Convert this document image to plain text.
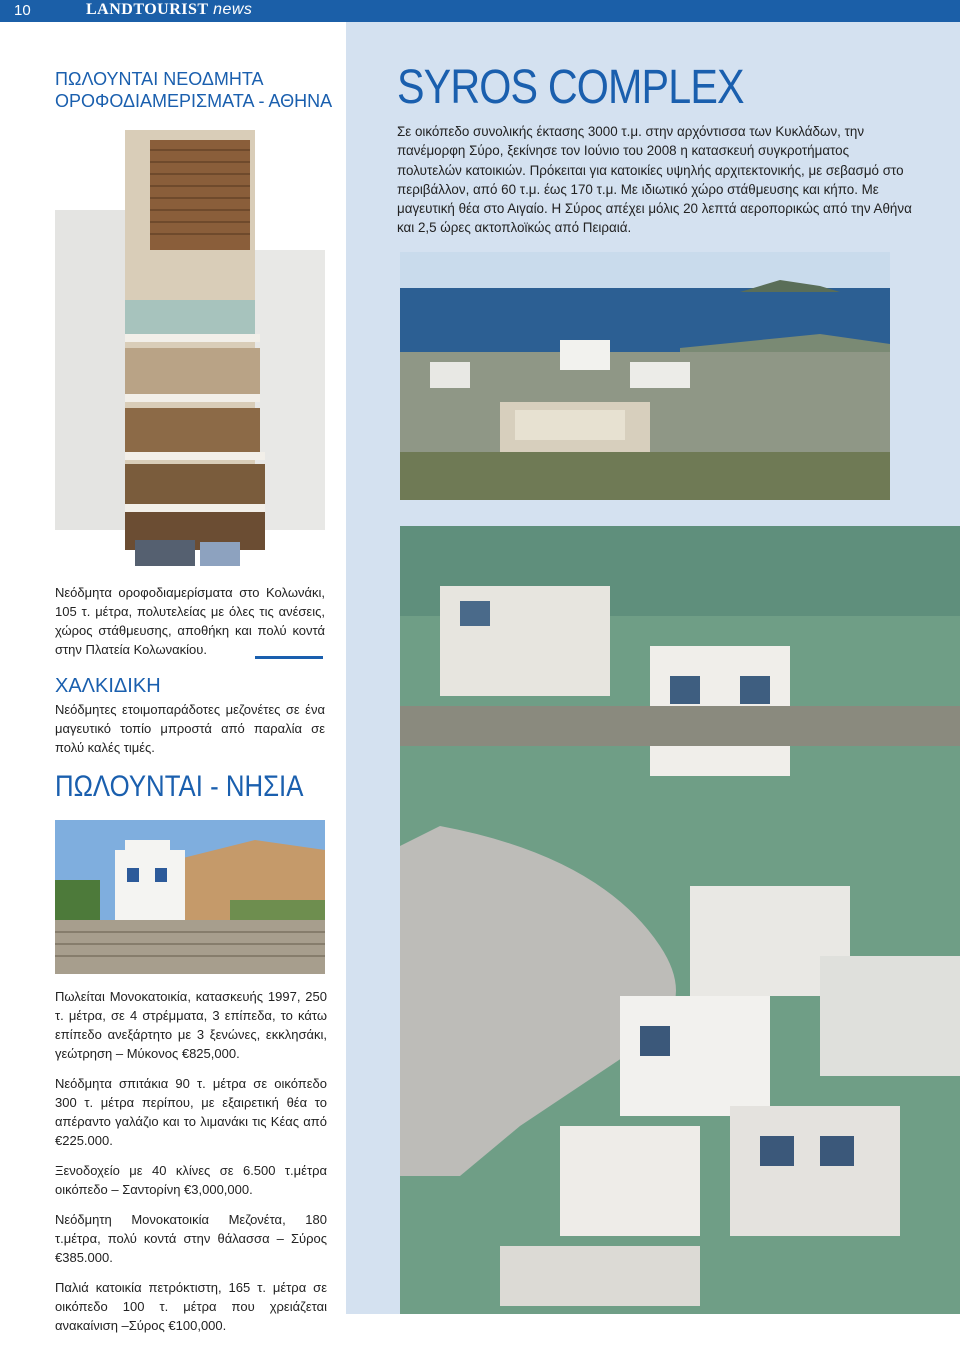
10	LANDTOURIST news
ΠΩΛΟΥΝΤΑΙ ΝΕΟΔΜΗΤΑ
ΟΡΟΦΟΔΙΑΜΕΡΙΣΜΑΤΑ - ΑΘΗΝΑ
Νεόδμητα οροφοδιαμερίσματα στο Κολωνάκι, 105 τ. μέτρα, πολυτελείας με όλες τις ανέσεις, χώρος στάθμευσης, αποθήκη και πολύ κοντά στην Πλατεία Κολωνακίου.
ΧΑΛΚΙΔΙΚΗ
Νεόδμητες ετοιμοπαράδοτες μεζονέτες σε ένα μαγευτικό τοπίο μπροστά από παραλία σε πολύ καλές τιμές.
ΠΩΛΟΥΝΤΑΙ - ΝΗΣΙΑ

Πωλείται Μονοκατοικία, κατασκευής 1997, 250 τ. μέτρα, σε 4 στρέμματα, 3 επίπεδα, το κάτω επίπεδο ανεξάρτητο με 3 ξενώνες, εκκλησάκι, γεώτρηση – Μύκονος €825,000.

Νεόδμητα σπιτάκια 90 τ. μέτρα σε οικόπεδο 300 τ. μέτρα περίπου, με εξαιρετική θέα το απέραντο γαλάζιο και το λιμανάκι τις Κέας από €225.000.

Ξενοδοχείο με 40 κλίνες σε 6.500 τ.μέτρα οικόπεδο – Σαντορίνη €3,000,000.

Νεόδμητη Μονοκατοικία Μεζονέτα, 180 τ.μέτρα, πολύ κοντά στην θάλασσα – Σύρος €385.000.

Παλιά κατοικία πετρόκτιστη, 165 τ. μέτρα σε οικόπεδο 100 τ. μέτρα που χρειάζεται ανακαίνιση –Σύρος €100,000.

SYROS COMPLEX
Σε οικόπεδο συνολικής έκτασης 3000 τ.μ. στην αρχόντισσα των Κυκλάδων, την πανέμορφη Σύρο, ξεκίνησε τον Ιούνιο του 2008 η κατασκευή συγκροτήματος πολυτελών κατοικιών. Πρόκειται για κατοικίες υψηλής αρχιτεκτονικής, με σεβασμό στο περιβάλλον, από 60 τ.μ. έως 170 τ.μ. Με ιδιωτικό χώρο στάθμευσης και κήπο. Με μαγευτική θέα στο Αιγαίο. Η Σύρος απέχει μόλις 20 λεπτά αεροπορικώς από την Αθήνα και 2,5 ώρες ακτοπλοϊκώς από Πειραιά.
